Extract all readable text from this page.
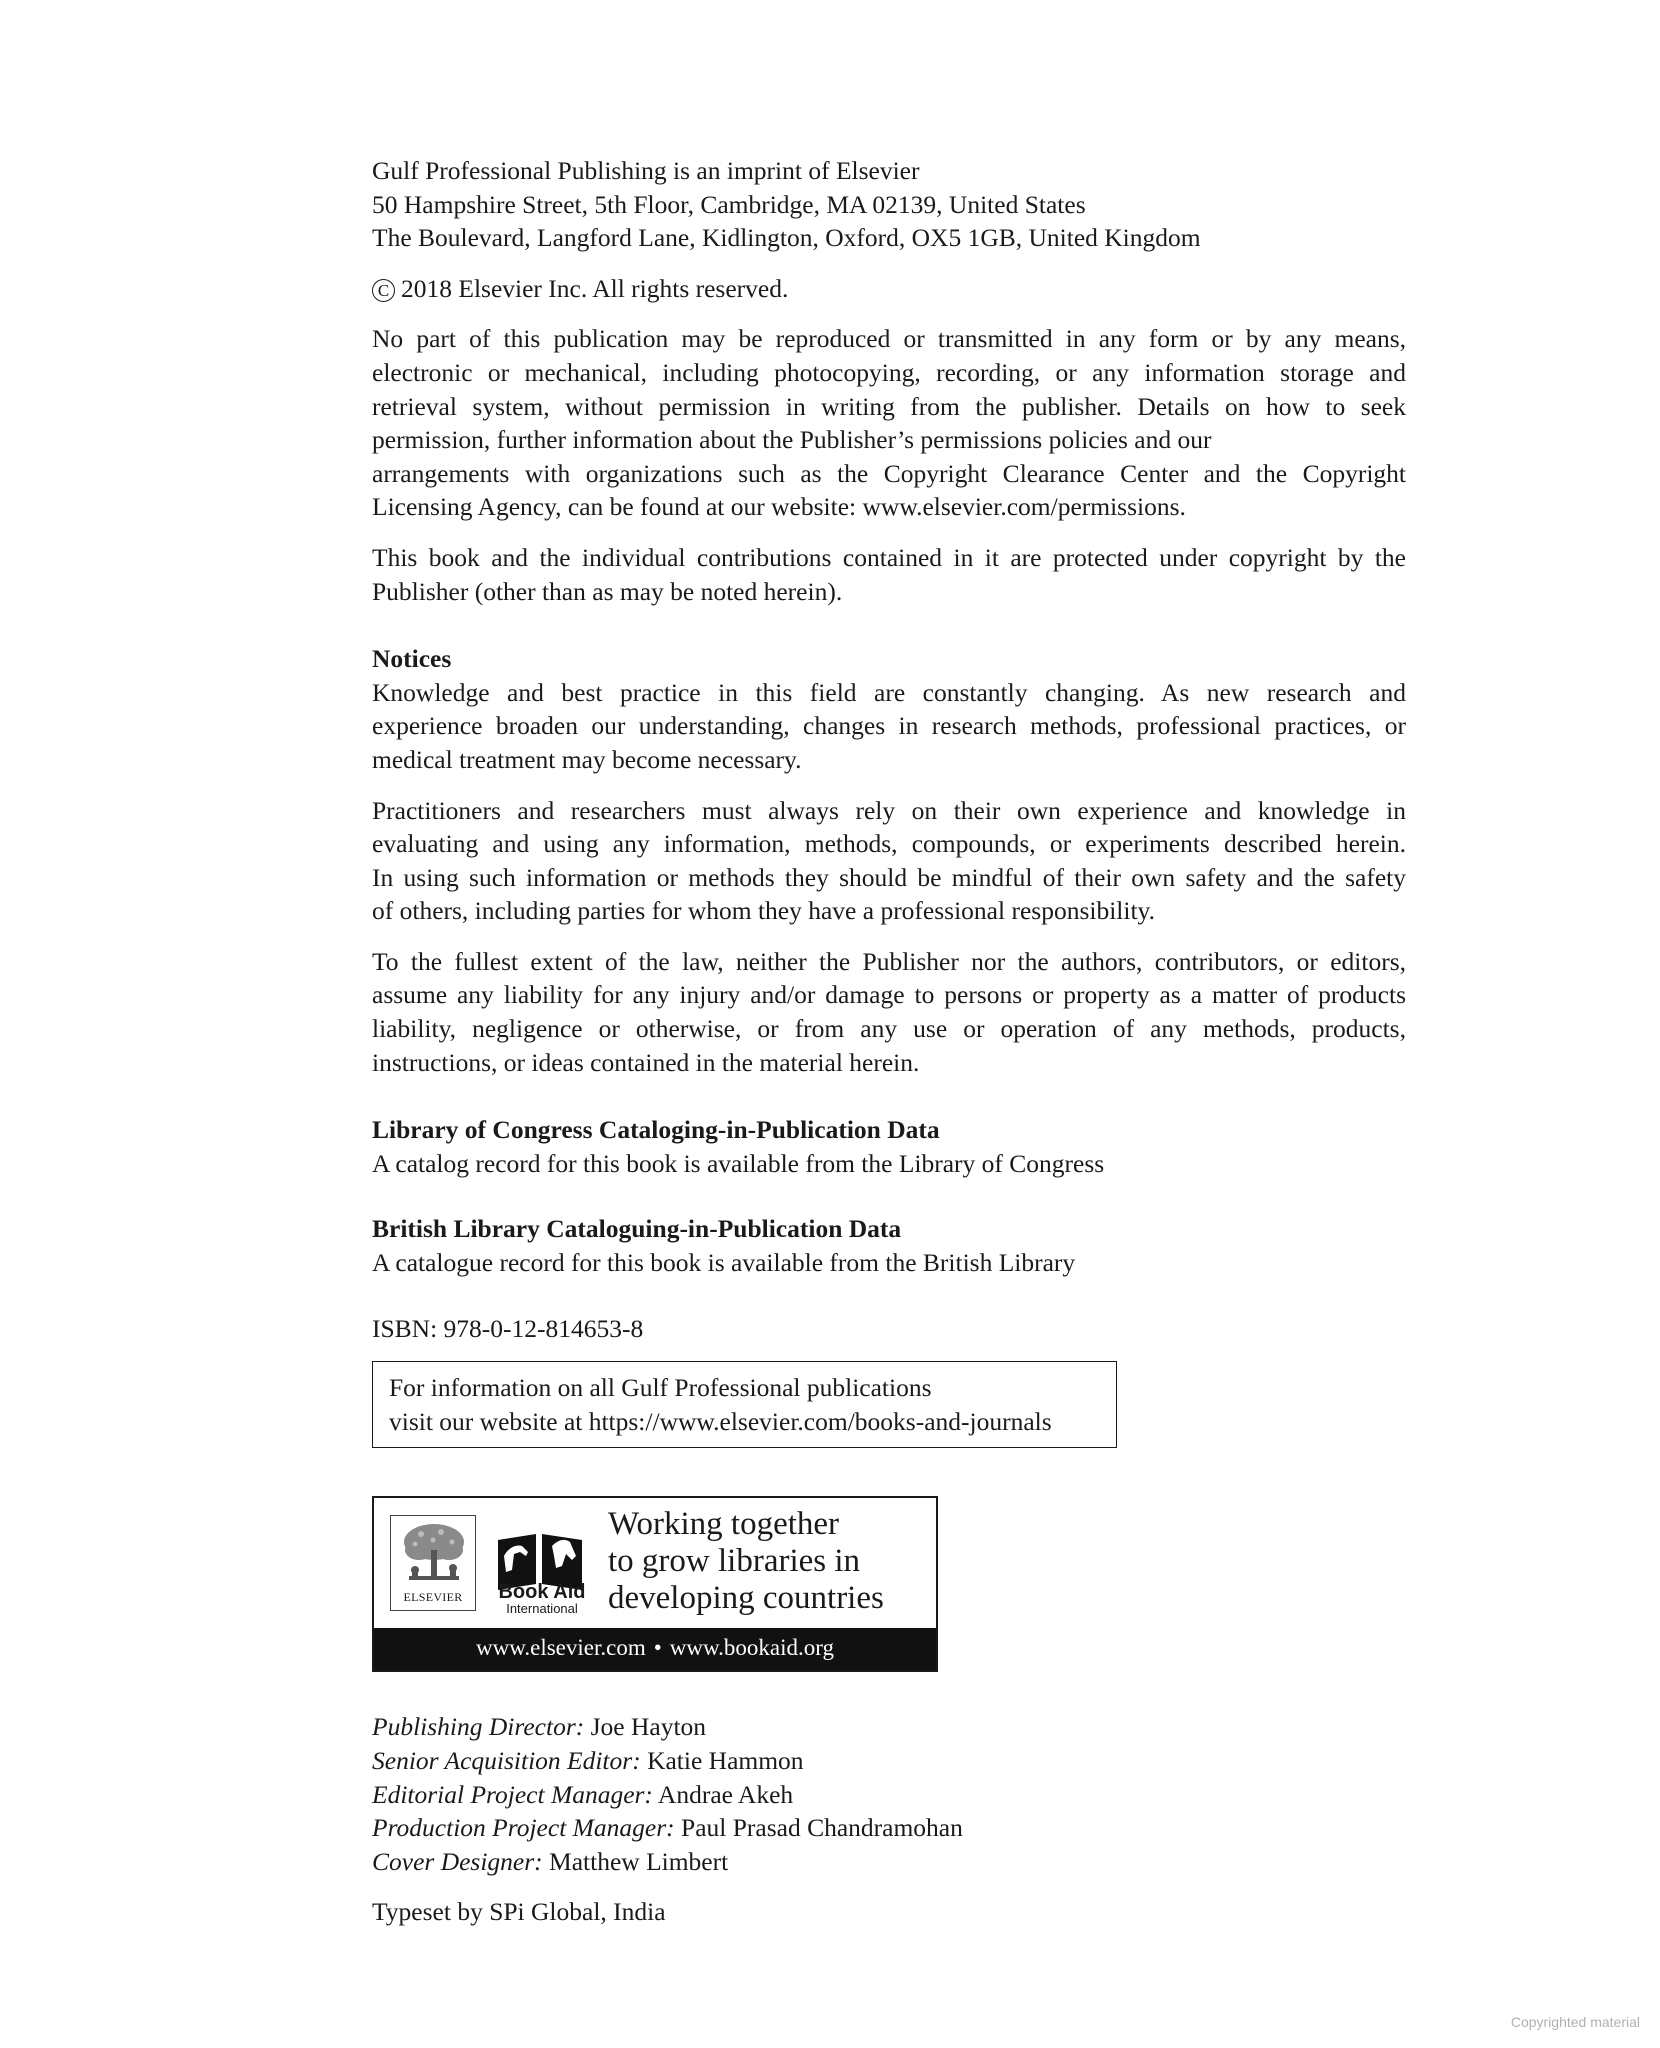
Gulf Professional Publishing is an imprint of Elsevier
50 Hampshire Street, 5th Floor, Cambridge, MA 02139, United States
The Boulevard, Langford Lane, Kidlington, Oxford, OX5 1GB, United Kingdom
C 2018 Elsevier Inc. All rights reserved.
No part of this publication may be reproduced or transmitted in any form or by any means,
electronic or mechanical, including photocopying, recording, or any information storage and
retrieval system, without permission in writing from the publisher. Details on how to seek
permission, further information about the Publisher’s permissions policies and our
arrangements with organizations such as the Copyright Clearance Center and the Copyright
Licensing Agency, can be found at our website: www.elsevier.com/permissions.
This book and the individual contributions contained in it are protected under copyright by the
Publisher (other than as may be noted herein).
Notices
Knowledge and best practice in this field are constantly changing. As new research and
experience broaden our understanding, changes in research methods, professional practices, or
medical treatment may become necessary.
Practitioners and researchers must always rely on their own experience and knowledge in
evaluating and using any information, methods, compounds, or experiments described herein.
In using such information or methods they should be mindful of their own safety and the safety
of others, including parties for whom they have a professional responsibility.
To the fullest extent of the law, neither the Publisher nor the authors, contributors, or editors,
assume any liability for any injury and/or damage to persons or property as a matter of products
liability, negligence or otherwise, or from any use or operation of any methods, products,
instructions, or ideas contained in the material herein.
Library of Congress Cataloging-in-Publication Data
A catalog record for this book is available from the Library of Congress
British Library Cataloguing-in-Publication Data
A catalogue record for this book is available from the British Library
ISBN: 978-0-12-814653-8
For information on all Gulf Professional publications
visit our website at https://www.elsevier.com/books-and-journals
ELSEVIER	Book Aid
International
Working together
to grow libraries in
developing countries
www.elsevier.com • www.bookaid.org
Publishing Director: Joe Hayton
Senior Acquisition Editor: Katie Hammon
Editorial Project Manager: Andrae Akeh
Production Project Manager: Paul Prasad Chandramohan
Cover Designer: Matthew Limbert
Typeset by SPi Global, India
Copyrighted material
